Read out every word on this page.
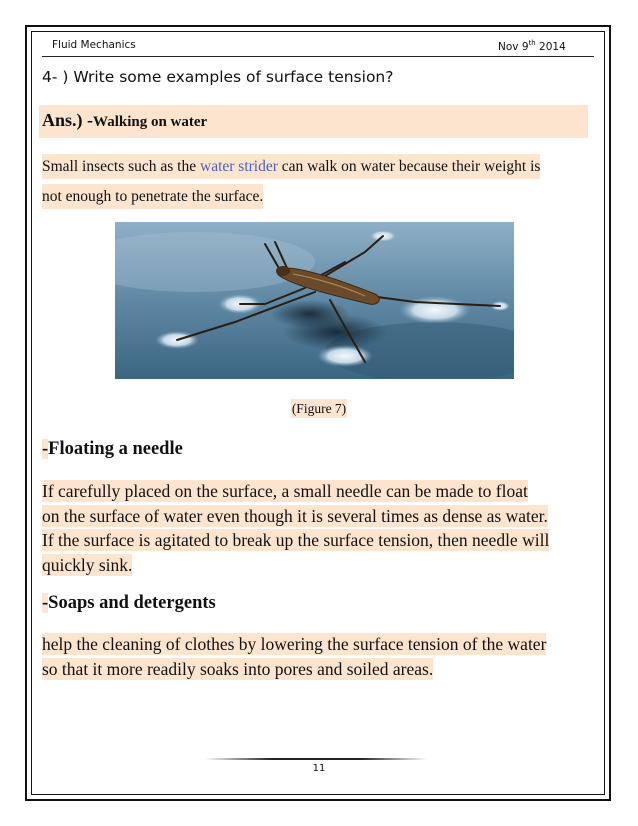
Fluid Mechanics	Nov 9th 2014
4- ) Write some examples of surface tension?
Ans.) -Walking on water
Small insects such as the water strider can walk on water because their weight is
not enough to penetrate the surface.
(Figure 7)
-Floating a needle
If carefully placed on the surface, a small needle can be made to float
on the surface of water even though it is several times as dense as water.
If the surface is agitated to break up the surface tension, then needle will
quickly sink.
-Soaps and detergents
help the cleaning of clothes by lowering the surface tension of the water
so that it more readily soaks into pores and soiled areas.
11
